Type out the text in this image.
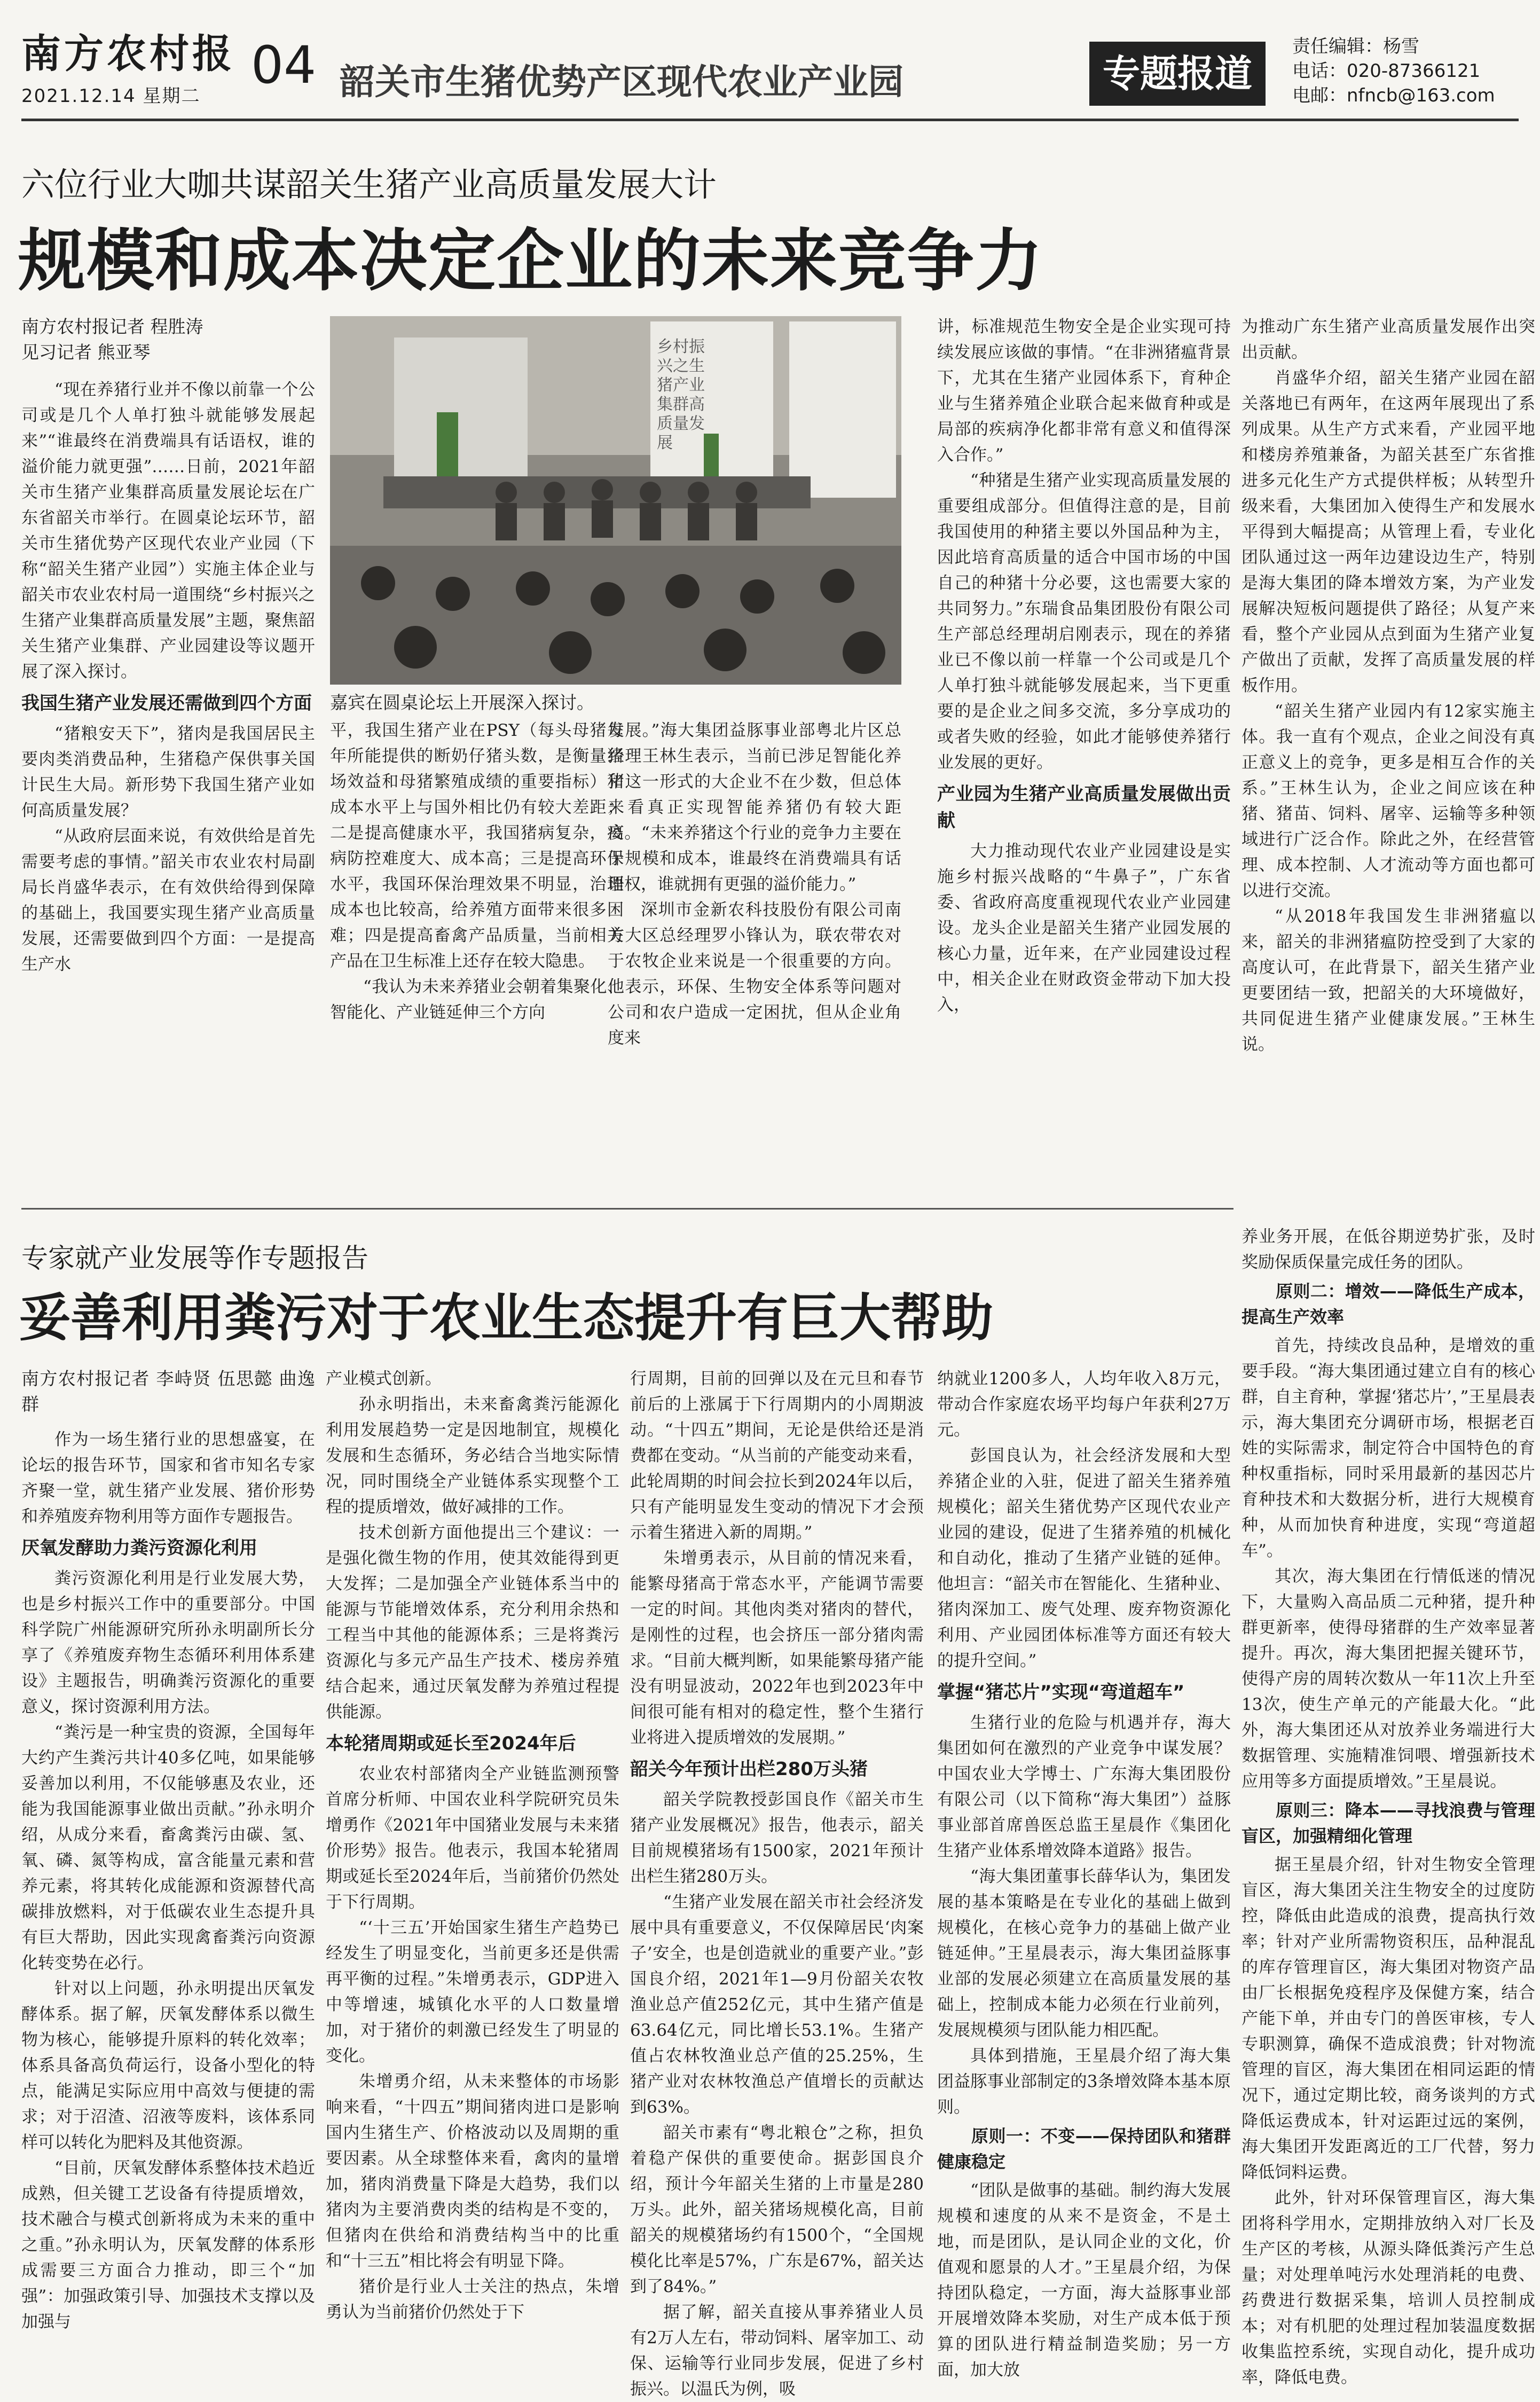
南方农村报
2021.12.14 星期二
04 韶关市生猪优势产区现代农业产业园	专题报道
责任编辑：杨雪
电话：020-87366121
电邮：nfncb@163.com
六位行业大咖共谋韶关生猪产业高质量发展大计
规模和成本决定企业的未来竞争力

南方农村报记者 程胜涛

见习记者 熊亚琴

“现在养猪行业并不像以前靠一个公司或是几个人单打独斗就能够发展起来”“谁最终在消费端具有话语权，谁的溢价能力就更强”……日前，2021年韶关市生猪产业集群高质量发展论坛在广东省韶关市举行。在圆桌论坛环节，韶关市生猪优势产区现代农业产业园（下称“韶关生猪产业园”）实施主体企业与韶关市农业农村局一道围绕“乡村振兴之生猪产业集群高质量发展”主题，聚焦韶关生猪产业集群、产业园建设等议题开展了深入探讨。

我国生猪产业发展还需做到四个方面

“猪粮安天下”，猪肉是我国居民主要肉类消费品种，生猪稳产保供事关国计民生大局。新形势下我国生猪产业如何高质量发展？

“从政府层面来说，有效供给是首先需要考虑的事情。”韶关市农业农村局副局长肖盛华表示，在有效供给得到保障的基础上，我国要实现生猪产业高质量发展，还需要做到四个方面：一是提高生产水

乡村振兴之生猪产业集群高质量发展
嘉宾在圆桌论坛上开展深入探讨。

平，我国生猪产业在PSY（每头母猪每年所能提供的断奶仔猪头数，是衡量猪场效益和母猪繁殖成绩的重要指标）和成本水平上与国外相比仍有较大差距；二是提高健康水平，我国猪病复杂，疫病防控难度大、成本高；三是提高环保水平，我国环保治理效果不明显，治理成本也比较高，给养殖方面带来很多困难；四是提高畜禽产品质量，当前相关产品在卫生标准上还存在较大隐患。

“我认为未来养猪业会朝着集聚化、智能化、产业链延伸三个方向

发展。”海大集团益豚事业部粤北片区总经理王林生表示，当前已涉足智能化养猪这一形式的大企业不在少数，但总体来看真正实现智能养猪仍有较大距离。“未来养猪这个行业的竞争力主要在于规模和成本，谁最终在消费端具有话语权，谁就拥有更强的溢价能力。”

深圳市金新农科技股份有限公司南方大区总经理罗小锋认为，联农带农对于农牧企业来说是一个很重要的方向。他表示，环保、生物安全体系等问题对公司和农户造成一定困扰，但从企业角度来

讲，标准规范生物安全是企业实现可持续发展应该做的事情。“在非洲猪瘟背景下，尤其在生猪产业园体系下，育种企业与生猪养殖企业联合起来做育种或是局部的疾病净化都非常有意义和值得深入合作。”

“种猪是生猪产业实现高质量发展的重要组成部分。但值得注意的是，目前我国使用的种猪主要以外国品种为主，因此培育高质量的适合中国市场的中国自己的种猪十分必要，这也需要大家的共同努力。”东瑞食品集团股份有限公司生产部总经理胡启刚表示，现在的养猪业已不像以前一样靠一个公司或是几个人单打独斗就能够发展起来，当下更重要的是企业之间多交流，多分享成功的或者失败的经验，如此才能够使养猪行业发展的更好。

产业园为生猪产业高质量发展做出贡献

大力推动现代农业产业园建设是实施乡村振兴战略的“牛鼻子”，广东省委、省政府高度重视现代农业产业园建设。龙头企业是韶关生猪产业园发展的核心力量，近年来，在产业园建设过程中，相关企业在财政资金带动下加大投入，

为推动广东生猪产业高质量发展作出突出贡献。

肖盛华介绍，韶关生猪产业园在韶关落地已有两年，在这两年展现出了系列成果。从生产方式来看，产业园平地和楼房养殖兼备，为韶关甚至广东省推进多元化生产方式提供样板；从转型升级来看，大集团加入使得生产和发展水平得到大幅提高；从管理上看，专业化团队通过这一两年边建设边生产，特别是海大集团的降本增效方案，为产业发展解决短板问题提供了路径；从复产来看，整个产业园从点到面为生猪产业复产做出了贡献，发挥了高质量发展的样板作用。

“韶关生猪产业园内有12家实施主体。我一直有个观点，企业之间没有真正意义上的竞争，更多是相互合作的关系。”王林生认为，企业之间应该在种猪、猪苗、饲料、屠宰、运输等多种领域进行广泛合作。除此之外，在经营管理、成本控制、人才流动等方面也都可以进行交流。

“从2018年我国发生非洲猪瘟以来，韶关的非洲猪瘟防控受到了大家的高度认可，在此背景下，韶关生猪产业更要团结一致，把韶关的大环境做好，共同促进生猪产业健康发展。”王林生说。

专家就产业发展等作专题报告
妥善利用粪污对于农业生态提升有巨大帮助

南方农村报记者 李峙贤 伍思懿 曲逸群

作为一场生猪行业的思想盛宴，在论坛的报告环节，国家和省市知名专家齐聚一堂，就生猪产业发展、猪价形势和养殖废弃物利用等方面作专题报告。

厌氧发酵助力粪污资源化利用

粪污资源化利用是行业发展大势，也是乡村振兴工作中的重要部分。中国科学院广州能源研究所孙永明副所长分享了《养殖废弃物生态循环利用体系建设》主题报告，明确粪污资源化的重要意义，探讨资源利用方法。

“粪污是一种宝贵的资源，全国每年大约产生粪污共计40多亿吨，如果能够妥善加以利用，不仅能够惠及农业，还能为我国能源事业做出贡献。”孙永明介绍，从成分来看，畜禽粪污由碳、氢、氧、磷、氮等构成，富含能量元素和营养元素，将其转化成能源和资源替代高碳排放燃料，对于低碳农业生态提升具有巨大帮助，因此实现禽畜粪污向资源化转变势在必行。

针对以上问题，孙永明提出厌氧发酵体系。据了解，厌氧发酵体系以微生物为核心，能够提升原料的转化效率；体系具备高负荷运行，设备小型化的特点，能满足实际应用中高效与便捷的需求；对于沼渣、沼液等废料，该体系同样可以转化为肥料及其他资源。

“目前，厌氧发酵体系整体技术趋近成熟，但关键工艺设备有待提质增效，技术融合与模式创新将成为未来的重中之重。”孙永明认为，厌氧发酵的体系形成需要三方面合力推动，即三个“加强”：加强政策引导、加强技术支撑以及加强与

产业模式创新。

孙永明指出，未来畜禽粪污能源化利用发展趋势一定是因地制宜，规模化发展和生态循环，务必结合当地实际情况，同时围绕全产业链体系实现整个工程的提质增效，做好减排的工作。

技术创新方面他提出三个建议：一是强化微生物的作用，使其效能得到更大发挥；二是加强全产业链体系当中的能源与节能增效体系，充分利用余热和工程当中其他的能源体系；三是将粪污资源化与多元产品生产技术、楼房养殖结合起来，通过厌氧发酵为养殖过程提供能源。

本轮猪周期或延长至2024年后

农业农村部猪肉全产业链监测预警首席分析师、中国农业科学院研究员朱增勇作《2021年中国猪业发展与未来猪价形势》报告。他表示，我国本轮猪周期或延长至2024年后，当前猪价仍然处于下行周期。

“‘十三五’开始国家生猪生产趋势已经发生了明显变化，当前更多还是供需再平衡的过程。”朱增勇表示，GDP进入中等增速，城镇化水平的人口数量增加，对于猪价的刺激已经发生了明显的变化。

朱增勇介绍，从未来整体的市场影响来看，“十四五”期间猪肉进口是影响国内生猪生产、价格波动以及周期的重要因素。从全球整体来看，禽肉的量增加，猪肉消费量下降是大趋势，我们以猪肉为主要消费肉类的结构是不变的，但猪肉在供给和消费结构当中的比重和“十三五”相比将会有明显下降。

猪价是行业人士关注的热点，朱增勇认为当前猪价仍然处于下

行周期，目前的回弹以及在元旦和春节前后的上涨属于下行周期内的小周期波动。“十四五”期间，无论是供给还是消费都在变动。“从当前的产能变动来看，此轮周期的时间会拉长到2024年以后，只有产能明显发生变动的情况下才会预示着生猪进入新的周期。”

朱增勇表示，从目前的情况来看，能繁母猪高于常态水平，产能调节需要一定的时间。其他肉类对猪肉的替代，是刚性的过程，也会挤压一部分猪肉需求。“目前大概判断，如果能繁母猪产能没有明显波动，2022年也到2023年中间很可能有相对的稳定性，整个生猪行业将进入提质增效的发展期。”

韶关今年预计出栏280万头猪

韶关学院教授彭国良作《韶关市生猪产业发展概况》报告，他表示，韶关目前规模猪场有1500家，2021年预计出栏生猪280万头。

“生猪产业发展在韶关市社会经济发展中具有重要意义，不仅保障居民‘肉案子’安全，也是创造就业的重要产业。”彭国良介绍，2021年1—9月份韶关农牧渔业总产值252亿元，其中生猪产值是63.64亿元，同比增长53.1%。生猪产值占农林牧渔业总产值的25.25%，生猪产业对农林牧渔总产值增长的贡献达到63%。

韶关市素有“粤北粮仓”之称，担负着稳产保供的重要使命。据彭国良介绍，预计今年韶关生猪的上市量是280万头。此外，韶关猪场规模化高，目前韶关的规模猪场约有1500个，“全国规模化比率是57%，广东是67%，韶关达到了84%。”

据了解，韶关直接从事养猪业人员有2万人左右，带动饲料、屠宰加工、动保、运输等行业同步发展，促进了乡村振兴。以温氏为例，吸

纳就业1200多人，人均年收入8万元，带动合作家庭农场平均每户年获利27万元。

彭国良认为，社会经济发展和大型养猪企业的入驻，促进了韶关生猪养殖规模化；韶关生猪优势产区现代农业产业园的建设，促进了生猪养殖的机械化和自动化，推动了生猪产业链的延伸。他坦言：“韶关市在智能化、生猪种业、猪肉深加工、废气处理、废弃物资源化利用、产业园团体标准等方面还有较大的提升空间。”

掌握“猪芯片”实现“弯道超车”

生猪行业的危险与机遇并存，海大集团如何在激烈的产业竞争中谋发展？中国农业大学博士、广东海大集团股份有限公司（以下简称“海大集团”）益豚事业部首席兽医总监王星晨作《集团化生猪产业体系增效降本道路》报告。

“海大集团董事长薛华认为，集团发展的基本策略是在专业化的基础上做到规模化，在核心竞争力的基础上做产业链延伸。”王星晨表示，海大集团益豚事业部的发展必须建立在高质量发展的基础上，控制成本能力必须在行业前列，发展规模须与团队能力相匹配。

具体到措施，王星晨介绍了海大集团益豚事业部制定的3条增效降本基本原则。

原则一：不变——保持团队和猪群健康稳定

“团队是做事的基础。制约海大发展规模和速度的从来不是资金，不是土地，而是团队，是认同企业的文化，价值观和愿景的人才。”王星晨介绍，为保持团队稳定，一方面，海大益豚事业部开展增效降本奖励，对生产成本低于预算的团队进行精益制造奖励；另一方面，加大放

养业务开展，在低谷期逆势扩张，及时奖励保质保量完成任务的团队。

原则二：增效——降低生产成本，提高生产效率

首先，持续改良品种，是增效的重要手段。“海大集团通过建立自有的核心群，自主育种，掌握‘猪芯片’，”王星晨表示，海大集团充分调研市场，根据老百姓的实际需求，制定符合中国特色的育种权重指标，同时采用最新的基因芯片育种技术和大数据分析，进行大规模育种，从而加快育种进度，实现“弯道超车”。

其次，海大集团在行情低迷的情况下，大量购入高品质二元种猪，提升种群更新率，使得母猪群的生产效率显著提升。再次，海大集团把握关键环节，使得产房的周转次数从一年11次上升至13次，使生产单元的产能最大化。“此外，海大集团还从对放养业务端进行大数据管理、实施精准饲喂、增强新技术应用等多方面提质增效。”王星晨说。

原则三：降本——寻找浪费与管理盲区，加强精细化管理

据王星晨介绍，针对生物安全管理盲区，海大集团关注生物安全的过度防控，降低由此造成的浪费，提高执行效率；针对产业所需物资积压，品种混乱的库存管理盲区，海大集团对物资产品由厂长根据免疫程序及保健方案，结合产能下单，并由专门的兽医审核，专人专职测算，确保不造成浪费；针对物流管理的盲区，海大集团在相同运距的情况下，通过定期比较，商务谈判的方式降低运费成本，针对运距过远的案例，海大集团开发距离近的工厂代替，努力降低饲料运费。

此外，针对环保管理盲区，海大集团将科学用水，定期排放纳入对厂长及生产区的考核，从源头降低粪污产生总量；对处理单吨污水处理消耗的电费、药费进行数据采集，培训人员控制成本；对有机肥的处理过程加装温度数据收集监控系统，实现自动化，提升成功率，降低电费。
